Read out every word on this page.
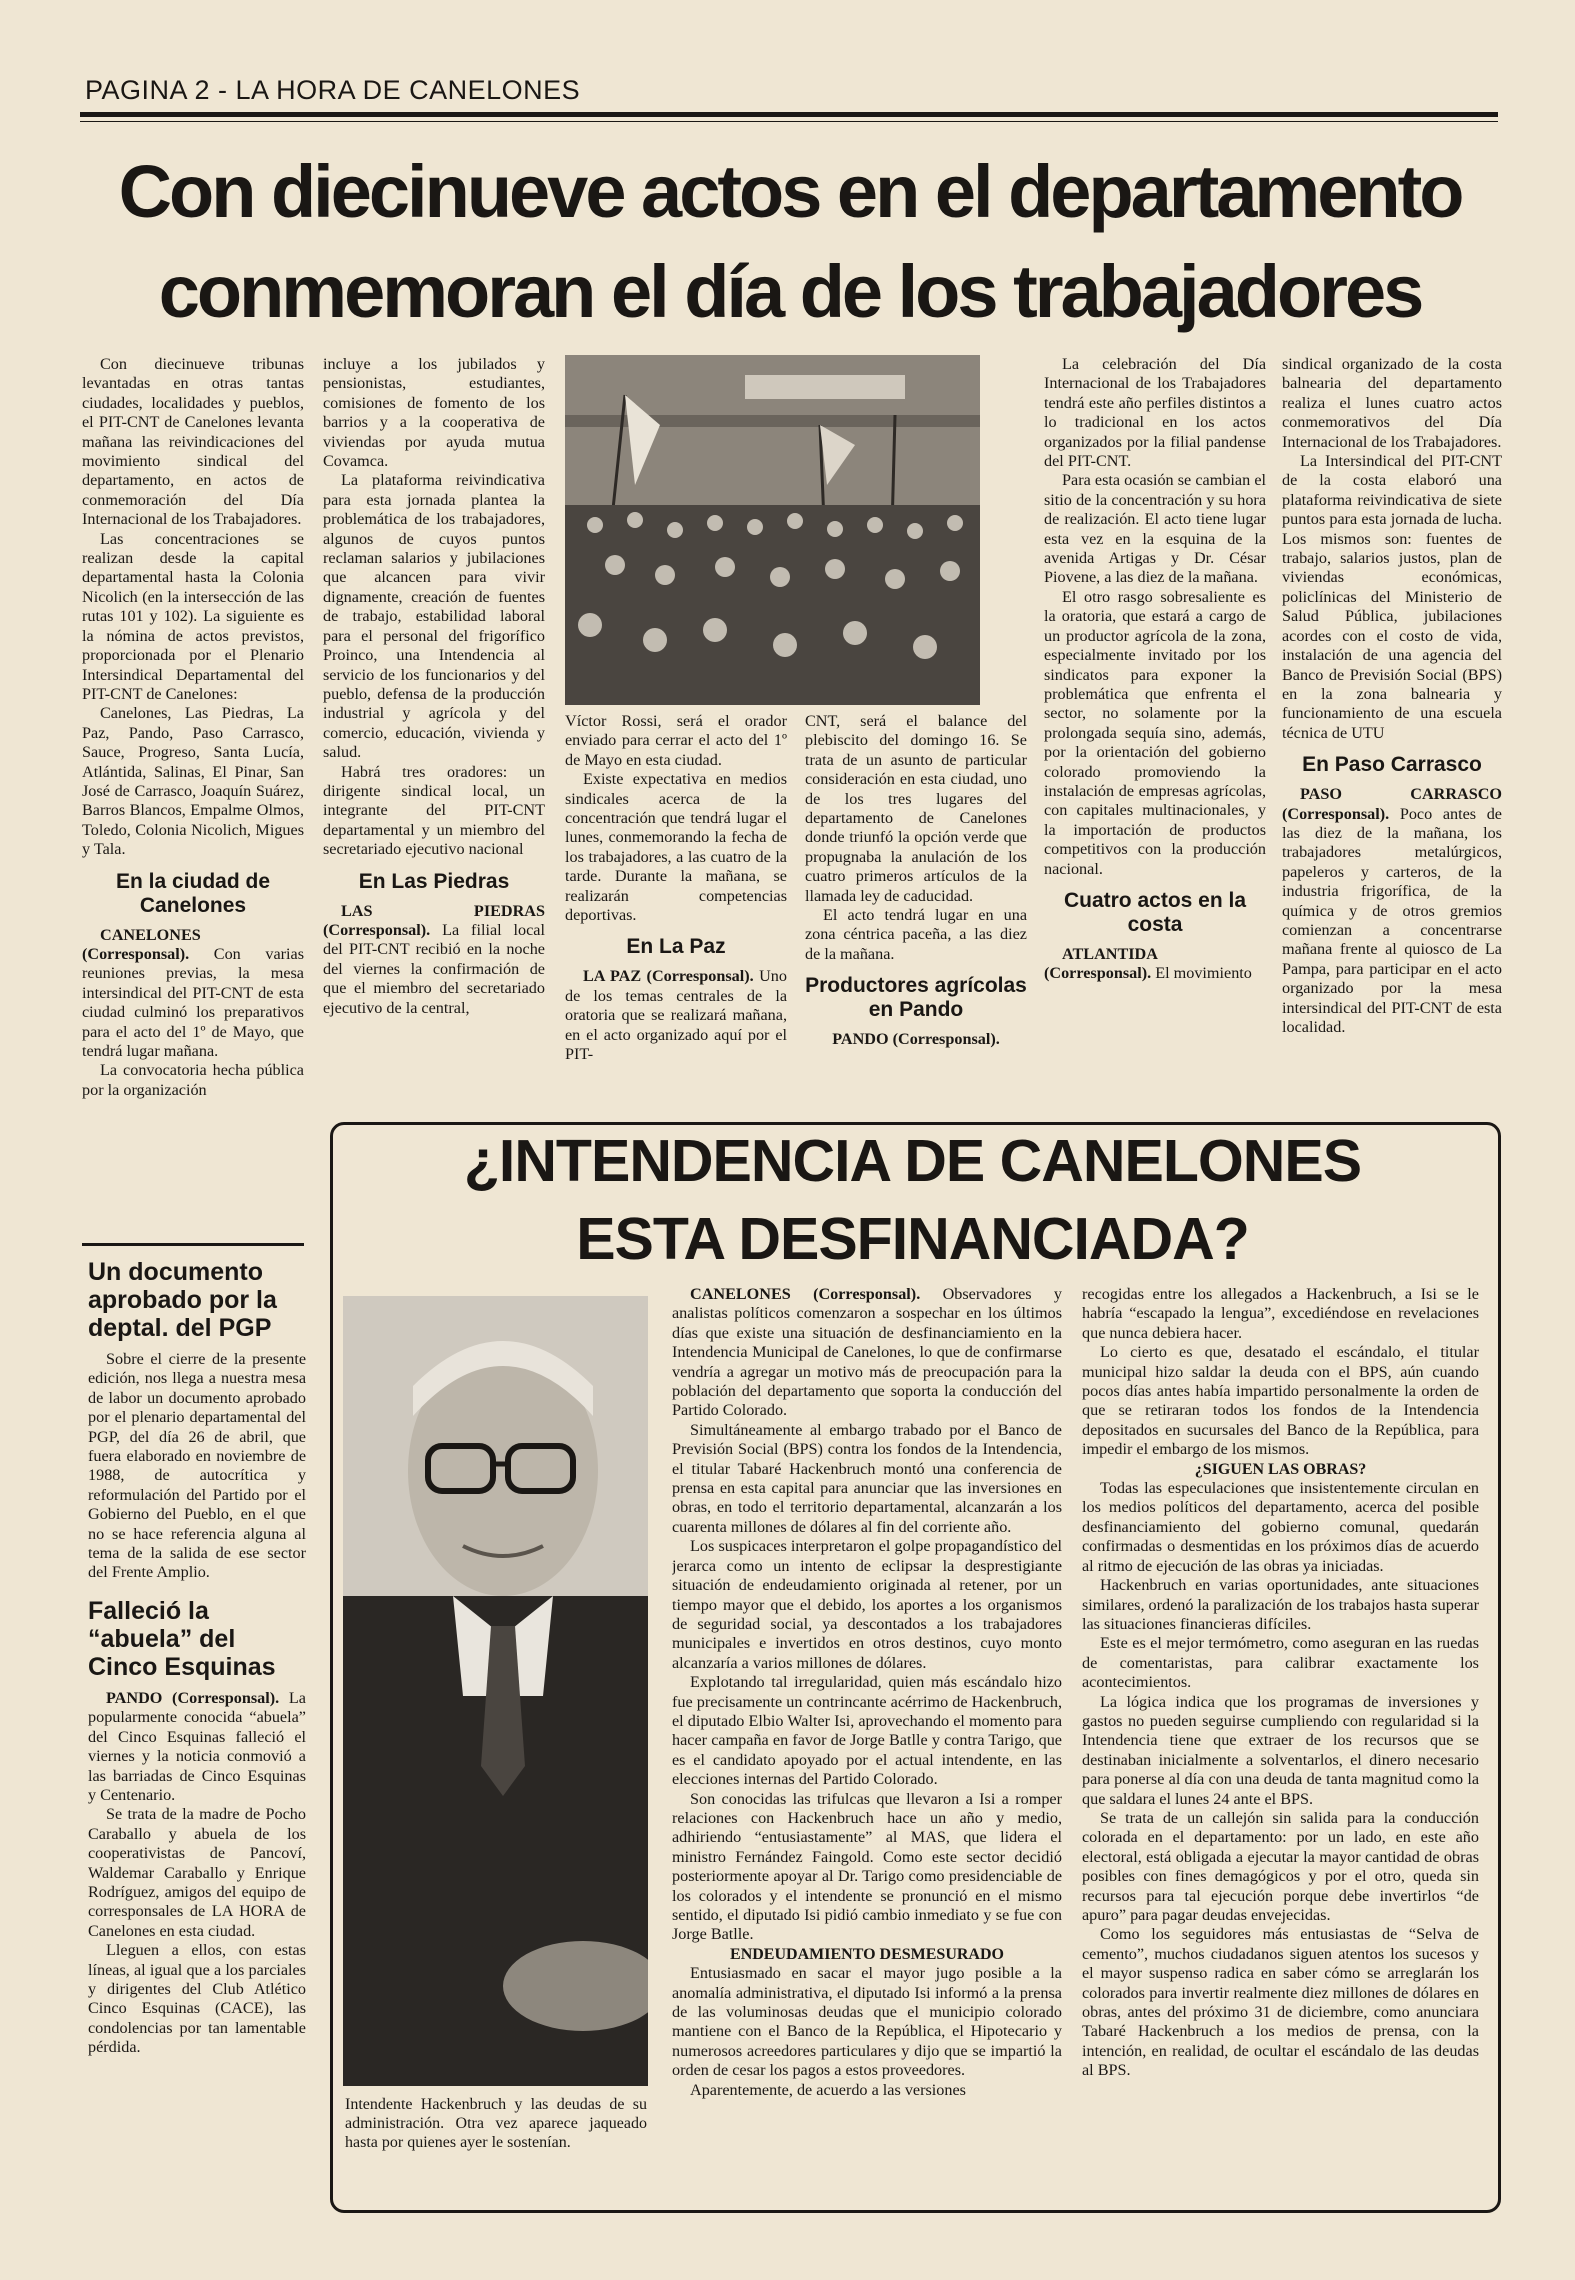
PAGINA 2 - LA HORA DE CANELONES
Con diecinueve actos en el departamento
conmemoran el día de los trabajadores

Con diecinueve tribunas levantadas en otras tantas ciudades, localidades y pueblos, el PIT-CNT de Canelones levanta mañana las reivindicaciones del movimiento sindical del departamento, en actos de conmemoración del Día Internacional de los Trabajadores.

Las concentraciones se realizan desde la capital departamental hasta la Colonia Nicolich (en la intersección de las rutas 101 y 102). La siguiente es la nómina de actos previstos, proporcionada por el Plenario Intersindical Departamental del PIT-CNT de Canelones:

Canelones, Las Piedras, La Paz, Pando, Paso Carrasco, Sauce, Progreso, Santa Lucía, Atlántida, Salinas, El Pinar, San José de Carrasco, Joaquín Suárez, Barros Blancos, Empalme Olmos, Toledo, Colonia Nicolich, Migues y Tala.

En la ciudad de Canelones

CANELONES (Corresponsal). Con varias reuniones previas, la mesa intersindical del PIT-CNT de esta ciudad culminó los preparativos para el acto del 1º de Mayo, que tendrá lugar mañana.

La convocatoria hecha pública por la organización

incluye a los jubilados y pensionistas, estudiantes, comisiones de fomento de los barrios y a la cooperativa de viviendas por ayuda mutua Covamca.

La plataforma reivindicativa para esta jornada plantea la problemática de los trabajadores, algunos de cuyos puntos reclaman salarios y jubilaciones que alcancen para vivir dignamente, creación de fuentes de trabajo, estabilidad laboral para el personal del frigorífico Proinco, una Intendencia al servicio de los funcionarios y del pueblo, defensa de la producción industrial y agrícola y del comercio, educación, vivienda y salud.

Habrá tres oradores: un dirigente sindical local, un integrante del PIT-CNT departamental y un miembro del secretariado ejecutivo nacional

En Las Piedras

LAS PIEDRAS (Corresponsal). La filial local del PIT-CNT recibió en la noche del viernes la confirmación de que el miembro del secretariado ejecutivo de la central,

Víctor Rossi, será el orador enviado para cerrar el acto del 1º de Mayo en esta ciudad.

Existe expectativa en medios sindicales acerca de la concentración que tendrá lugar el lunes, conmemorando la fecha de los trabajadores, a las cuatro de la tarde. Durante la mañana, se realizarán competencias deportivas.

En La Paz

LA PAZ (Corresponsal). Uno de los temas centrales de la oratoria que se realizará mañana, en el acto organizado aquí por el PIT-

CNT, será el balance del plebiscito del domingo 16. Se trata de un asunto de particular consideración en esta ciudad, uno de los tres lugares del departamento de Canelones donde triunfó la opción verde que propugnaba la anulación de los cuatro primeros artículos de la llamada ley de caducidad.

El acto tendrá lugar en una zona céntrica paceña, a las diez de la mañana.

Productores agrícolas en Pando

PANDO (Corresponsal).

La celebración del Día Internacional de los Trabajadores tendrá este año perfiles distintos a lo tradicional en los actos organizados por la filial pandense del PIT-CNT.

Para esta ocasión se cambian el sitio de la concentración y su hora de realización. El acto tiene lugar esta vez en la esquina de la avenida Artigas y Dr. César Piovene, a las diez de la mañana.

El otro rasgo sobresaliente es la oratoria, que estará a cargo de un productor agrícola de la zona, especialmente invitado por los sindicatos para exponer la problemática que enfrenta el sector, no solamente por la prolongada sequía sino, además, por la orientación del gobierno colorado promoviendo la instalación de empresas agrícolas, con capitales multinacionales, y la importación de productos competitivos con la producción nacional.

Cuatro actos en la costa

ATLANTIDA (Corresponsal). El movimiento

sindical organizado de la costa balnearia del departamento realiza el lunes cuatro actos conmemorativos del Día Internacional de los Trabajadores.

La Intersindical del PIT-CNT de la costa elaboró una plataforma reivindicativa de siete puntos para esta jornada de lucha. Los mismos son: fuentes de trabajo, salarios justos, plan de viviendas económicas, policlínicas del Ministerio de Salud Pública, jubilaciones acordes con el costo de vida, instalación de una agencia del Banco de Previsión Social (BPS) en la zona balnearia y funcionamiento de una escuela técnica de UTU

En Paso Carrasco

PASO CARRASCO (Corresponsal). Poco antes de las diez de la mañana, los trabajadores metalúrgicos, papeleros y carteros, de la industria frigorífica, de la química y de otros gremios comienzan a concentrarse mañana frente al quiosco de La Pampa, para participar en el acto organizado por la mesa intersindical del PIT-CNT de esta localidad.

Un documento aprobado por la deptal. del PGP

Sobre el cierre de la presente edición, nos llega a nuestra mesa de labor un documento aprobado por el plenario departamental del PGP, del día 26 de abril, que fuera elaborado en noviembre de 1988, de autocrítica y reformulación del Partido por el Gobierno del Pueblo, en el que no se hace referencia alguna al tema de la salida de ese sector del Frente Amplio.

Falleció la “abuela” del Cinco Esquinas

PANDO (Corresponsal). La popularmente conocida “abuela” del Cinco Esquinas falleció el viernes y la noticia conmovió a las barriadas de Cinco Esquinas y Centenario.

Se trata de la madre de Pocho Caraballo y abuela de los cooperativistas de Pancoví, Waldemar Caraballo y Enrique Rodríguez, amigos del equipo de corresponsales de LA HORA de Canelones en esta ciudad.

Lleguen a ellos, con estas líneas, al igual que a los parciales y dirigentes del Club Atlético Cinco Esquinas (CACE), las condolencias por tan lamentable pérdida.

¿INTENDENCIA DE CANELONES
ESTA DESFINANCIADA?
Intendente Hackenbruch y las deudas de su administración. Otra vez aparece jaqueado hasta por quienes ayer le sostenían.

CANELONES (Corresponsal). Observadores y analistas políticos comenzaron a sospechar en los últimos días que existe una situación de desfinanciamiento en la Intendencia Municipal de Canelones, lo que de confirmarse vendría a agregar un motivo más de preocupación para la población del departamento que soporta la conducción del Partido Colorado.

Simultáneamente al embargo trabado por el Banco de Previsión Social (BPS) contra los fondos de la Intendencia, el titular Tabaré Hackenbruch montó una conferencia de prensa en esta capital para anunciar que las inversiones en obras, en todo el territorio departamental, alcanzarán a los cuarenta millones de dólares al fin del corriente año.

Los suspicaces interpretaron el golpe propagandístico del jerarca como un intento de eclipsar la desprestigiante situación de endeudamiento originada al retener, por un tiempo mayor que el debido, los aportes a los organismos de seguridad social, ya descontados a los trabajadores municipales e invertidos en otros destinos, cuyo monto alcanzaría a varios millones de dólares.

Explotando tal irregularidad, quien más escándalo hizo fue precisamente un contrincante acérrimo de Hackenbruch, el diputado Elbio Walter Isi, aprovechando el momento para hacer campaña en favor de Jorge Batlle y contra Tarigo, que es el candidato apoyado por el actual intendente, en las elecciones internas del Partido Colorado.

Son conocidas las trifulcas que llevaron a Isi a romper relaciones con Hackenbruch hace un año y medio, adhiriendo “entusiastamente” al MAS, que lidera el ministro Fernández Faingold. Como este sector decidió posteriormente apoyar al Dr. Tarigo como presidenciable de los colorados y el intendente se pronunció en el mismo sentido, el diputado Isi pidió cambio inmediato y se fue con Jorge Batlle.

ENDEUDAMIENTO DESMESURADO

Entusiasmado en sacar el mayor jugo posible a la anomalía administrativa, el diputado Isi informó a la prensa de las voluminosas deudas que el municipio colorado mantiene con el Banco de la República, el Hipotecario y numerosos acreedores particulares y dijo que se impartió la orden de cesar los pagos a estos proveedores.

Aparentemente, de acuerdo a las versiones

recogidas entre los allegados a Hackenbruch, a Isi se le habría “escapado la lengua”, excediéndose en revelaciones que nunca debiera hacer.

Lo cierto es que, desatado el escándalo, el titular municipal hizo saldar la deuda con el BPS, aún cuando pocos días antes había impartido personalmente la orden de que se retiraran todos los fondos de la Intendencia depositados en sucursales del Banco de la República, para impedir el embargo de los mismos.

¿SIGUEN LAS OBRAS?

Todas las especulaciones que insistentemente circulan en los medios políticos del departamento, acerca del posible desfinanciamiento del gobierno comunal, quedarán confirmadas o desmentidas en los próximos días de acuerdo al ritmo de ejecución de las obras ya iniciadas.

Hackenbruch en varias oportunidades, ante situaciones similares, ordenó la paralización de los trabajos hasta superar las situaciones financieras difíciles.

Este es el mejor termómetro, como aseguran en las ruedas de comentaristas, para calibrar exactamente los acontecimientos.

La lógica indica que los programas de inversiones y gastos no pueden seguirse cumpliendo con regularidad si la Intendencia tiene que extraer de los recursos que se destinaban inicialmente a solventarlos, el dinero necesario para ponerse al día con una deuda de tanta magnitud como la que saldara el lunes 24 ante el BPS.

Se trata de un callejón sin salida para la conducción colorada en el departamento: por un lado, en este año electoral, está obligada a ejecutar la mayor cantidad de obras posibles con fines demagógicos y por el otro, queda sin recursos para tal ejecución porque debe invertirlos “de apuro” para pagar deudas envejecidas.

Como los seguidores más entusiastas de “Selva de cemento”, muchos ciudadanos siguen atentos los sucesos y el mayor suspenso radica en saber cómo se arreglarán los colorados para invertir realmente diez millones de dólares en obras, antes del próximo 31 de diciembre, como anunciara Tabaré Hackenbruch a los medios de prensa, con la intención, en realidad, de ocultar el escándalo de las deudas al BPS.
